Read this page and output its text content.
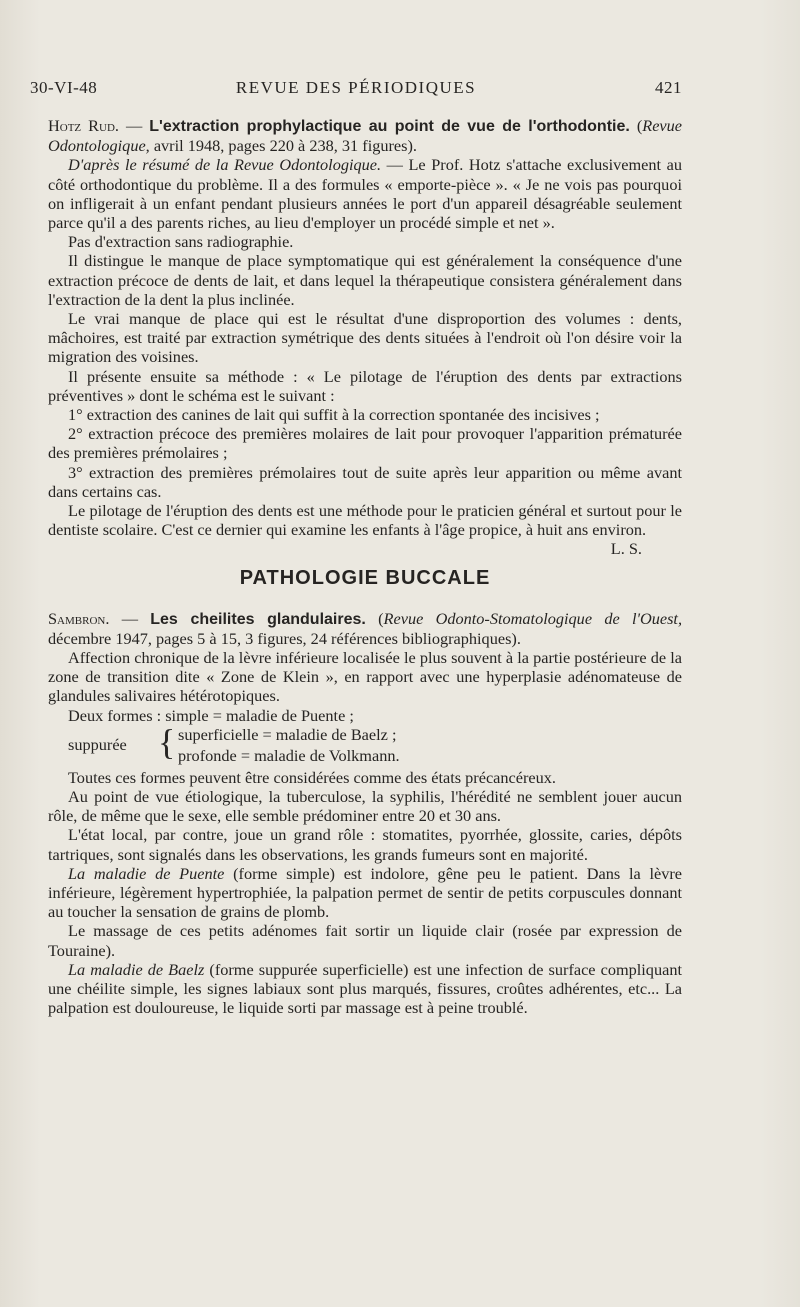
30-VI-48	REVUE DES PÉRIODIQUES	421

Hotz Rud. — L'extraction prophylactique au point de vue de l'orthodontie. (Revue Odontologique, avril 1948, pages 220 à 238, 31 figures).

D'après le résumé de la Revue Odontologique. — Le Prof. Hotz s'attache exclusivement au côté orthodontique du problème. Il a des formules « emporte-pièce ». « Je ne vois pas pourquoi on infligerait à un enfant pendant plusieurs années le port d'un appareil désagréable seulement parce qu'il a des parents riches, au lieu d'employer un procédé simple et net ».

Pas d'extraction sans radiographie.

Il distingue le manque de place symptomatique qui est généralement la conséquence d'une extraction précoce de dents de lait, et dans lequel la thérapeutique consistera généralement dans l'extraction de la dent la plus inclinée.

Le vrai manque de place qui est le résultat d'une disproportion des volumes : dents, mâchoires, est traité par extraction symétrique des dents situées à l'endroit où l'on désire voir la migration des voisines.

Il présente ensuite sa méthode : « Le pilotage de l'éruption des dents par extractions préventives » dont le schéma est le suivant :

1° extraction des canines de lait qui suffit à la correction spontanée des incisives ;

2° extraction précoce des premières molaires de lait pour provoquer l'apparition prématurée des premières prémolaires ;

3° extraction des premières prémolaires tout de suite après leur apparition ou même avant dans certains cas.

Le pilotage de l'éruption des dents est une méthode pour le praticien général et surtout pour le dentiste scolaire. C'est ce dernier qui examine les enfants à l'âge propice, à huit ans environ.
L. S.

PATHOLOGIE BUCCALE

Sambron. — Les cheilites glandulaires. (Revue Odonto-Stomatologique de l'Ouest, décembre 1947, pages 5 à 15, 3 figures, 24 références bibliographiques).

Affection chronique de la lèvre inférieure localisée le plus souvent à la partie postérieure de la zone de transition dite « Zone de Klein », en rapport avec une hyperplasie adénomateuse de glandules salivaires hétérotopiques.

Deux formes : simple = maladie de Puente ;
suppurée { superficielle = maladie de Baelz ;
profonde = maladie de Volkmann.

Toutes ces formes peuvent être considérées comme des états précancéreux.

Au point de vue étiologique, la tuberculose, la syphilis, l'hérédité ne semblent jouer aucun rôle, de même que le sexe, elle semble prédominer entre 20 et 30 ans.

L'état local, par contre, joue un grand rôle : stomatites, pyorrhée, glossite, caries, dépôts tartriques, sont signalés dans les observations, les grands fumeurs sont en majorité.

La maladie de Puente (forme simple) est indolore, gêne peu le patient. Dans la lèvre inférieure, légèrement hypertrophiée, la palpation permet de sentir de petits corpuscules donnant au toucher la sensation de grains de plomb.

Le massage de ces petits adénomes fait sortir un liquide clair (rosée par expression de Touraine).

La maladie de Baelz (forme suppurée superficielle) est une infection de surface compliquant une chéilite simple, les signes labiaux sont plus marqués, fissures, croûtes adhérentes, etc... La palpation est douloureuse, le liquide sorti par massage est à peine troublé.
